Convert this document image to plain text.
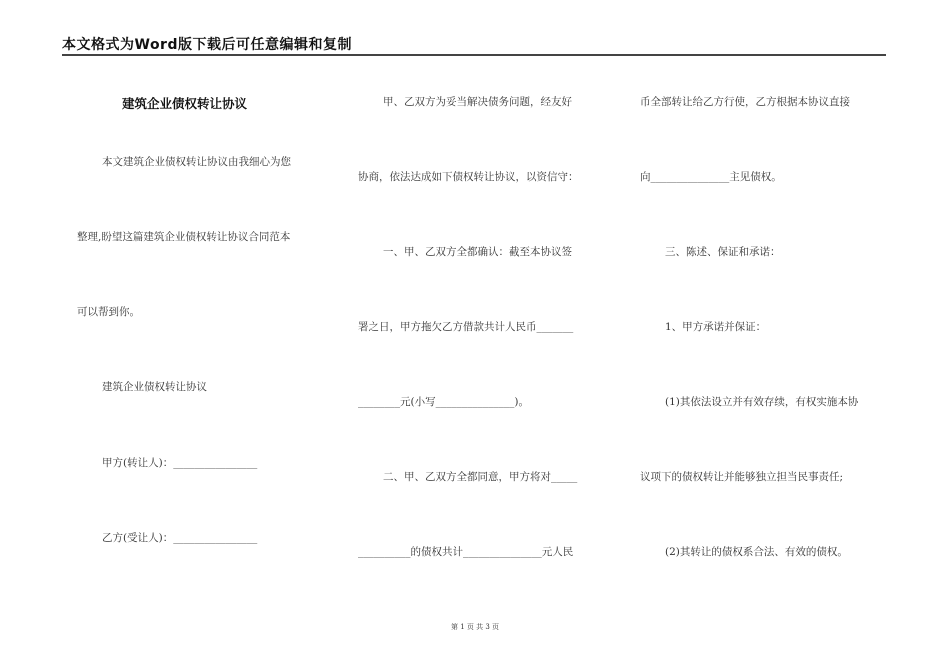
本文格式为Word版下载后可任意编辑和复制
建筑企业债权转让协议
本文建筑企业债权转让协议由我细心为您
整理,盼望这篇建筑企业债权转让协议合同范本
可以帮到你。
建筑企业债权转让协议
甲方(转让人)：________________
乙方(受让人)：________________
甲、乙双方为妥当解决债务问题，经友好
协商，依法达成如下债权转让协议，以资信守：
一、甲、乙双方全都确认：截至本协议签
署之日，甲方拖欠乙方借款共计人民币_______
________元(小写_______________)。
二、甲、乙双方全都同意，甲方将对_____
__________的债权共计_______________元人民
币全部转让给乙方行使，乙方根据本协议直接
向_______________主见债权。
三、陈述、保证和承诺：
1、甲方承诺并保证：
(1)其依法设立并有效存续，有权实施本协
议项下的债权转让并能够独立担当民事责任;
(2)其转让的债权系合法、有效的债权。
第 1 页 共 3 页
